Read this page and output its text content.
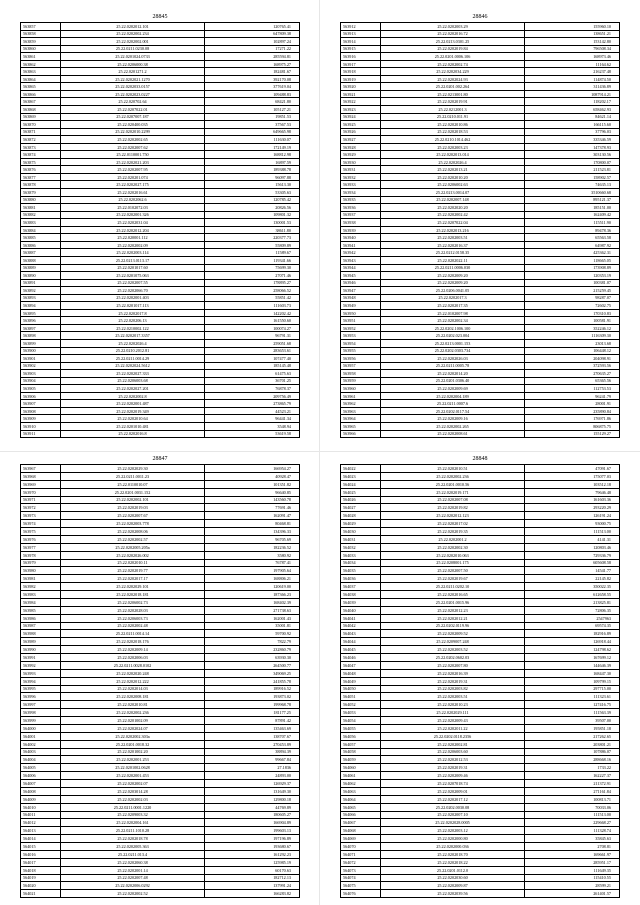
28845
563857	25.22.0202012.101	120765.41
563858	25.22.0202002.234	647809.38
563859	25.22.0202002.001	102897.24
563860	25.22.0211.0230.08	17271.22
563861	25.22.0201024.0733	285594.81
563862	25.22.0206000.38	168975.27
563863	25.22.0201271.2	182481.67
563864	25.22.0202021.1270	392170.08
563865	25.22.0202033.0157	377619.04
563866	25.22.0202023.0227	109488.83
563867	25.22.020702.64	68421.80
563868	25.22.0207022.01	105127.21
563869	25.22.0207007.187	19851.53
563870	25.22.020400.035	37567.53
563871	25.22.0202010.2299	649665.98
563872	25.22.0202002.65	111630.07
563873	25.22.0202007.62	172149.19
563874	25.22.0110001.750	168812.98
563875	25.22.0202021.203	16897.59
563876	25.22.0202007.95	189388.78
563877	25.22.020201.074	96097.88
563878	25.22.0202027.175	15613.30
563879	25.22.0202016.61	53305.63
563880	25.22.0202062.6	120785.42
563881	25.22.0102072.03	20826.56
563882	25.22.0202001.326	109801.32
563883	25.22.0202031.04	130001.53
563884	25.22.0202012.204	38611.80
563885	25.22.020001.112	220377.73
563886	25.22.0202002.09	55809.89
563887	25.22.0202003.114	11589.67
563888	25.22.0213.0113.17	119341.66
563889	25.22.0201017.60	75699.30
563890	25.22.0201075.063	27071.46
563891	25.22.0202007.55	178895.27
563892	25.22.0202066.70	258066.52
563893	25.22.0202001.403	55851.42
563894	25.22.0201017.113	111603.73
563895	25.22.0202017.8	142202.42
563896	25.22.020206.13	161550.60
563897	25.22.0210002.122	100074.27
563898	25.22.0202017.3357	96791.31
563899	25.22.0202026.4	259051.68
563900	25.22.0210.2012.81	283653.61
563901	25.22.0211.0014.29	107477.40
563902	25.22.0202024.5612	185145.48
563903	25.22.0202027.333	61475.63
563904	25.22.0206003.68	36701.25
563905	25.22.0202027.201	76878.37
563906	25.22.0202002.8	209756.49
563907	25.22.0202001.487	273865.79
563908	25.22.0202019.349	44523.21
563909	25.22.0202010.64	96441.34
563910	25.22.0201010.481	3548.94
563911	25.22.0202016.8	53619.58
28846
563912	25.22.0202003.29	155960.10
563913	25.22.0202016.72	138651.21
563914	25.22.0213.0301.25	153142.80
563915	25.22.0202019.84	796508.34
563916	25.22.0201.0006.106	168973.46
563917	25.22.0202002.74	11164.62
563918	25.22.0202034.229	216237.48
563919	25.22.0202024.93	114874.50
563920	25.22.0201.002.264	311436.89
563921	25.22.0213001.80	1087914.21
563922	25.22.0202019.91	118202.17
563923	25.22.0212001.3	658462.93
563924	25.22.0210.011.91	84621.14
563925	25.22.0202010.86	166115.60
563926	25.22.0202018.53	37796.03
563927	25.22.0210.1014.462	335346.59
563928	25.22.0202003.23	147378.93
563929	25.22.0202013.014	303130.56
563930	25.22.0202026.4	170800.07
563931	25.22.0202013.21	211523.81
563932	25.22.0202010.20	158902.57
563933	25.22.0206002.63	74635.13
563934	25.22.0213.0014.07	3510660.68
563935	25.22.0202007.148	895121.37
563936	25.22.0202020.20	185151.00
563937	25.22.0202002.42	162409.42
563938	25.22.0207022.04	115511.90
563939	25.22.0202013.216	89478.36
563940	25.22.0202003.51	65563.58
563941	25.22.0202016.37	64987.92
563942	25.22.0212.0158.35	425362.31
563943	25.22.0202022.11	118665.05
563944	25.22.0211.0006.030	173908.89
563945	25.22.0202009.20	120353.19
563946	25.22.0202009.20	100381.07
563947	25.22.0206.0041.05	215259.45
563948	25.22.0202017.3	98287.07
563949	25.22.0202017.35	72602.75
563950	25.22.0102007.98	170310.83
563951	25.22.0202002.34	100581.91
563952	25.22.0202.1006.100	352246.12
563953	25.22.0202.023.004	1116309.30
563954	25.22.0213.0001.153	23013.68
563955	25.22.0202.0303.734	106448.12
563956	25.22.0202026.03	204098.91
563957	25.22.0211.0005.78	372593.56
563958	25.22.0202014.20	270635.27
563959	25.22.0201.0306.40	65365.56
563960	25.22.0202009.69	112753.53
563961	25.22.0202004.189	96241.79
563962	25.22.0211.0007.6	28001.91
563963	25.22.0202.0117.54	235890.84
563964	25.22.0202009.16	176971.86
563965	25.22.0202002.265	806875.75
563966	25.22.0202008.61	155129.27
28847
563967	25.22.0202029.30	166954.27
563968	25.22.0211.0011.23	40928.47
563969	25.22.0110010.07	101351.82
563970	25.22.0201.0031.152	96640.85
563971	25.22.0202002.101	143560.78
563972	25.22.0202019.03	77691.46
563973	25.22.0202007.67	162091.47
563974	25.22.0202003.778	80468.81
563975	25.22.0202008.06	134396.33
563976	25.22.0202002.57	96705.69
563977	25.22.0202005.205a	182236.52
563978	25.22.0202026.002	3580.92
563979	25.22.0202010.11	76787.41
563980	25.22.0202019.77	197905.64
563981	25.22.0202017.17	168806.21
563982	25.22.0202029.101	120619.00
563983	25.22.0202018.181	187366.23
563984	25.22.0206002.73	168402.39
563985	25.22.0202028.03	271738.63
563986	25.22.0206003.73	162001.43
563987	25.22.0202002.48	35001.81
563988	25.22.0211.0014.14	59700.92
563989	25.22.0202018.176	7822.79
563990	25.22.0202009.14	232860.79
563991	25.22.0202006.03	63930.30
563992	25.22.0211.0028.0102	264500.77
563993	25.22.0202020.248	349069.25
563994	25.22.0202012.222	241855.78
563995	25.22.0202014.03	189916.52
563996	25.22.0202008.181	193873.02
563997	25.22.0202010.81	199968.78
563998	25.22.0202002.236	181177.25
563999	25.22.0201002.09	87891.42
564000	25.22.0202024.07	135463.69
564001	25.22.0202002.303a	138707.67
564002	25.22.0201.0018.32	270453.89
564003	25.22.0201002.20	38894.39
564004	25.22.0202001.253	99667.84
564005	25.22.0201002.0628	27.1836
564006	25.22.0202001.453	24893.00
564007	25.22.0202002.07	126929.37
564008	25.22.0203014.28	131649.30
564009	25.22.0202002.03	129800.18
564010	25.22.0211.0001.1220	44769.89
564011	25.22.0209003.32	180605.27
564012	25.22.0202004.161	166904.89
564013	25.22.0211.1010.28	199603.13
564014	25.22.0202018.78	197196.89
564015	25.22.0202005.363	193680.67
564016	25.22.0211.013.4	161292.23
564017	25.22.0202060.38	125985.19
564018	25.22.0202001.14	60170.63
564019	25.22.0202007.48	182712.13
564020	25.22.0202006.0292	137991.24
564021	25.22.0202002.52	166283.82
28848
564022	25.22.0202010.51	47091.67
564023	25.22.0202002.236	175077.03
564024	25.22.0201.0010.56	103512.18
564025	25.22.0202019.171	79646.48
564026	25.22.0202007.08	161603.36
564027	25.22.0202019.82	293220.29
564028	25.22.0202012.123	126191.24
564029	25.22.0202017.02	93000.75
564030	25.22.0202019.35	111513.00
564031	25.22.0202001.2	4141.31
564032	25.22.0202002.30	120803.46
564033	25.22.0202010.063	729336.79
564034	25.22.0208001.175	605608.58
564035	25.22.0202007.50	14541.77
564036	25.22.0202019.67	22145.82
564037	25.22.0211.0202.10	350022.35
564038	25.22.0202016.65	612658.55
564039	25.22.0201.0015.96	213825.81
564040	25.22.0202012.23	72806.35
564041	25.22.0202012.21	2547963
564042	25.22.0202.0119.96	69574.35
564043	25.22.0202009.52	182916.89
564044	25.22.0209007.248	126918.44
564045	25.22.0202003.52	124798.62
564046	25.22.0202.0602.03	167699.12
564047	25.22.0202007.80	144646.39
564048	25.22.0202016.39	168447.30
564049	25.22.0202019.31	109799.15
564050	25.22.0202003.82	297715.00
564051	25.22.0202003.51	111323.61
564052	25.22.0202010.23	127416.75
564053	25.22.0202029.111	111563.39
564054	25.22.0202009.43	39507.00
564055	25.22.0202011.22	195851.18
564056	25.22.0202.0118.2356	217262.65
564057	25.22.0202002.81	203801.21
564058	25.22.0206003.60	107886.07
564059	25.22.0202012.53	288668.16
564060	25.22.0202019.31	1733.22
564061	25.22.0202009.46	162227.37
564062	25.22.0207018.74	211372.91
564063	25.22.0202009.01	271161.84
564064	25.22.0202017.12	100813.71
564065	25.22.0202.0030.08	70033.06
564066	25.22.0202007.10	111513.00
564067	25.22.0202028.0005	229668.27
564068	25.22.0202003.12	111328.74
564069	25.22.0202000.80	35845.63
564070	25.22.0202000.036	2708.81
564071	25.22.0202018.70	169661.97
564072	25.22.0202018.22	285951.17
564073	25.22.0201.0112.0	111649.35
564074	25.22.0202030.60	115410.55
564075	25.22.0202009.87	28599.21
564076	25.22.0202039.56	261401.57
